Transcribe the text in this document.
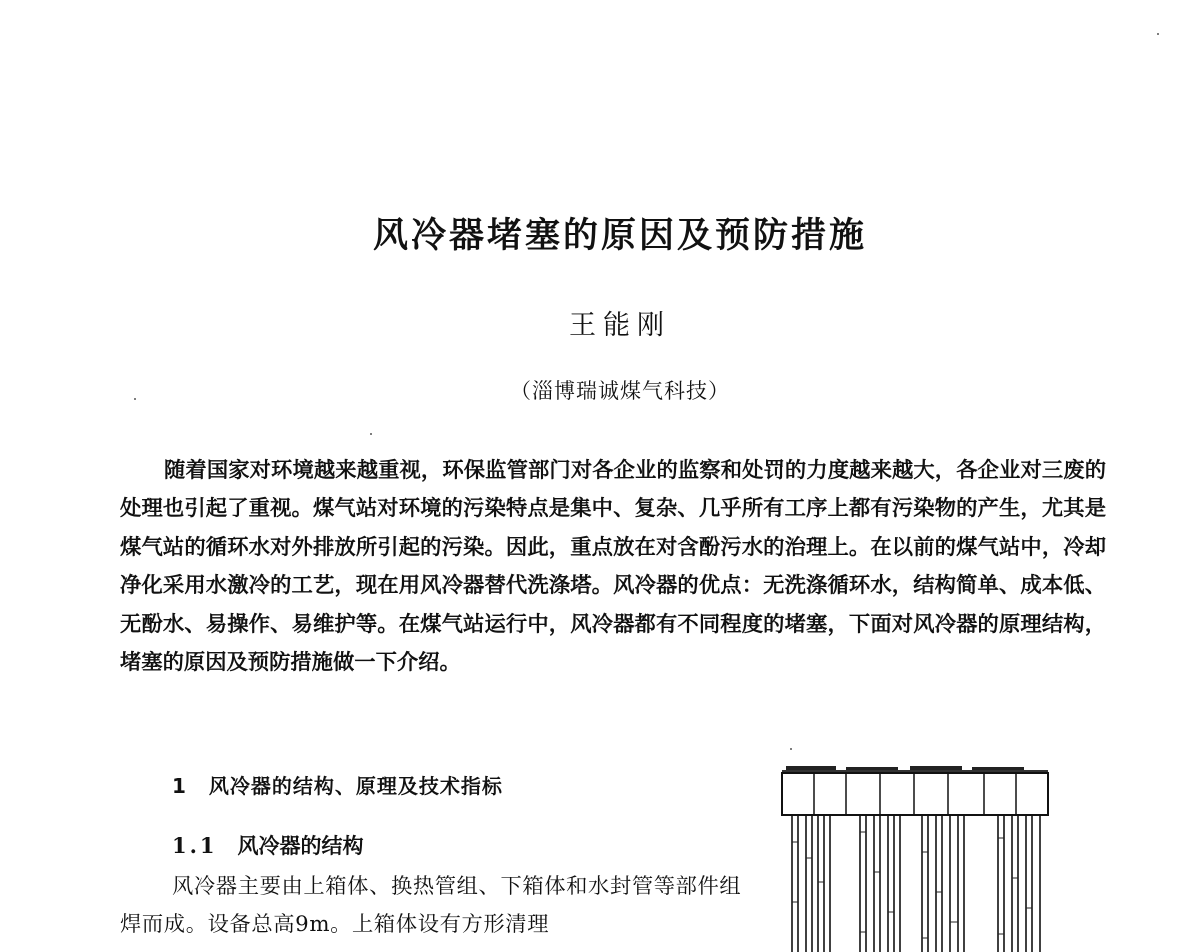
风冷器堵塞的原因及预防措施
王能刚
（淄博瑞诚煤气科技）

随着国家对环境越来越重视，环保监管部门对各企业的监察和处罚的力度越来越大，各企业对三废的处理也引起了重视。煤气站对环境的污染特点是集中、复杂、几乎所有工序上都有污染物的产生，尤其是煤气站的循环水对外排放所引起的污染。因此，重点放在对含酚污水的治理上。在以前的煤气站中，冷却净化采用水激冷的工艺，现在用风冷器替代洗涤塔。风冷器的优点：无洗涤循环水，结构简单、成本低、无酚水、易操作、易维护等。在煤气站运行中，风冷器都有不同程度的堵塞，下面对风冷器的原理结构，堵塞的原因及预防措施做一下介绍。

1 风冷器的结构、原理及技术指标
1.1 风冷器的结构

风冷器主要由上箱体、换热管组、下箱体和水封管等部件组焊而成。设备总高9m。上箱体设有方形清理
